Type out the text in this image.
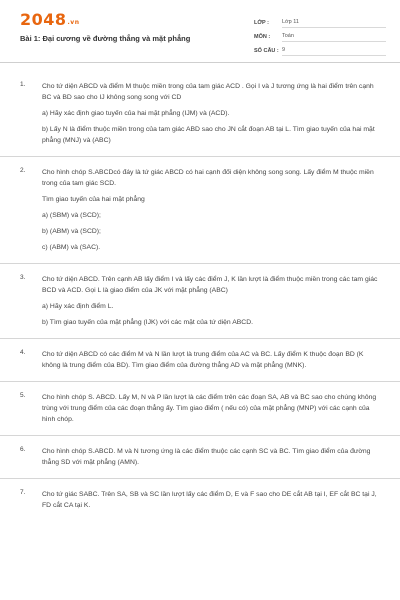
2048.vn
Bài 1: Đại cương về đường thẳng và mặt phẳng
LỚP :	Lớp 11
MÔN :	Toán
SỐ CÂU : 9
1. Cho tứ diện ABCD và điểm M thuộc miền trong của tam giác ACD . Gọi I và J tương ứng là hai điểm trên cạnh BC và BD sao cho IJ không song song với CD
a) Hãy xác định giao tuyến của hai mặt phẳng (IJM) và (ACD).
b) Lấy N là điểm thuộc miền trong của tam giác ABD sao cho JN cắt đoạn AB tại L. Tìm giao tuyến của hai mặt phẳng (MNJ) và (ABC)
2. Cho hình chóp S.ABCDcó đáy là tứ giác ABCD có hai cạnh đối diện không song song. Lấy điểm M thuộc miền trong của tam giác SCD.
Tìm giao tuyến của hai mặt phẳng
a) (SBM) và (SCD);
b) (ABM) và (SCD);
c) (ABM) và (SAC).
3. Cho tứ diện ABCD. Trên cạnh AB lấy điểm I và lấy các điểm J, K lần lượt là điểm thuộc miền trong các tam giác BCD và ACD. Gọi L là giao điểm của JK với mặt phẳng (ABC)
a) Hãy xác định điểm L.
b) Tìm giao tuyến của mặt phẳng (IJK) với các mặt của tứ diện ABCD.
4. Cho tứ diện ABCD có các điểm M và N lần lượt là trung điểm của AC và BC. Lấy điểm K thuộc đoạn BD (K không là trung điểm của BD). Tìm giao điểm của đường thẳng AD và mặt phẳng (MNK).
5. Cho hình chóp S. ABCD. Lấy M, N và P lần lượt là các điểm trên các đoạn SA, AB và BC sao cho chúng không trùng với trung điểm của các đoạn thẳng ấy. Tìm giao điểm ( nếu có) của mặt phẳng (MNP) với các cạnh của hình chóp.
6. Cho hình chóp S.ABCD. M và N tương ứng là các điểm thuộc các cạnh SC và BC. Tìm giao điểm của đường thẳng SD với mặt phẳng (AMN).
7. Cho tứ giác SABC. Trên SA, SB và SC lần lượt lấy các điểm D, E và F sao cho DE cắt AB tại I, EF cắt BC tại J, FD cắt CA tại K.
